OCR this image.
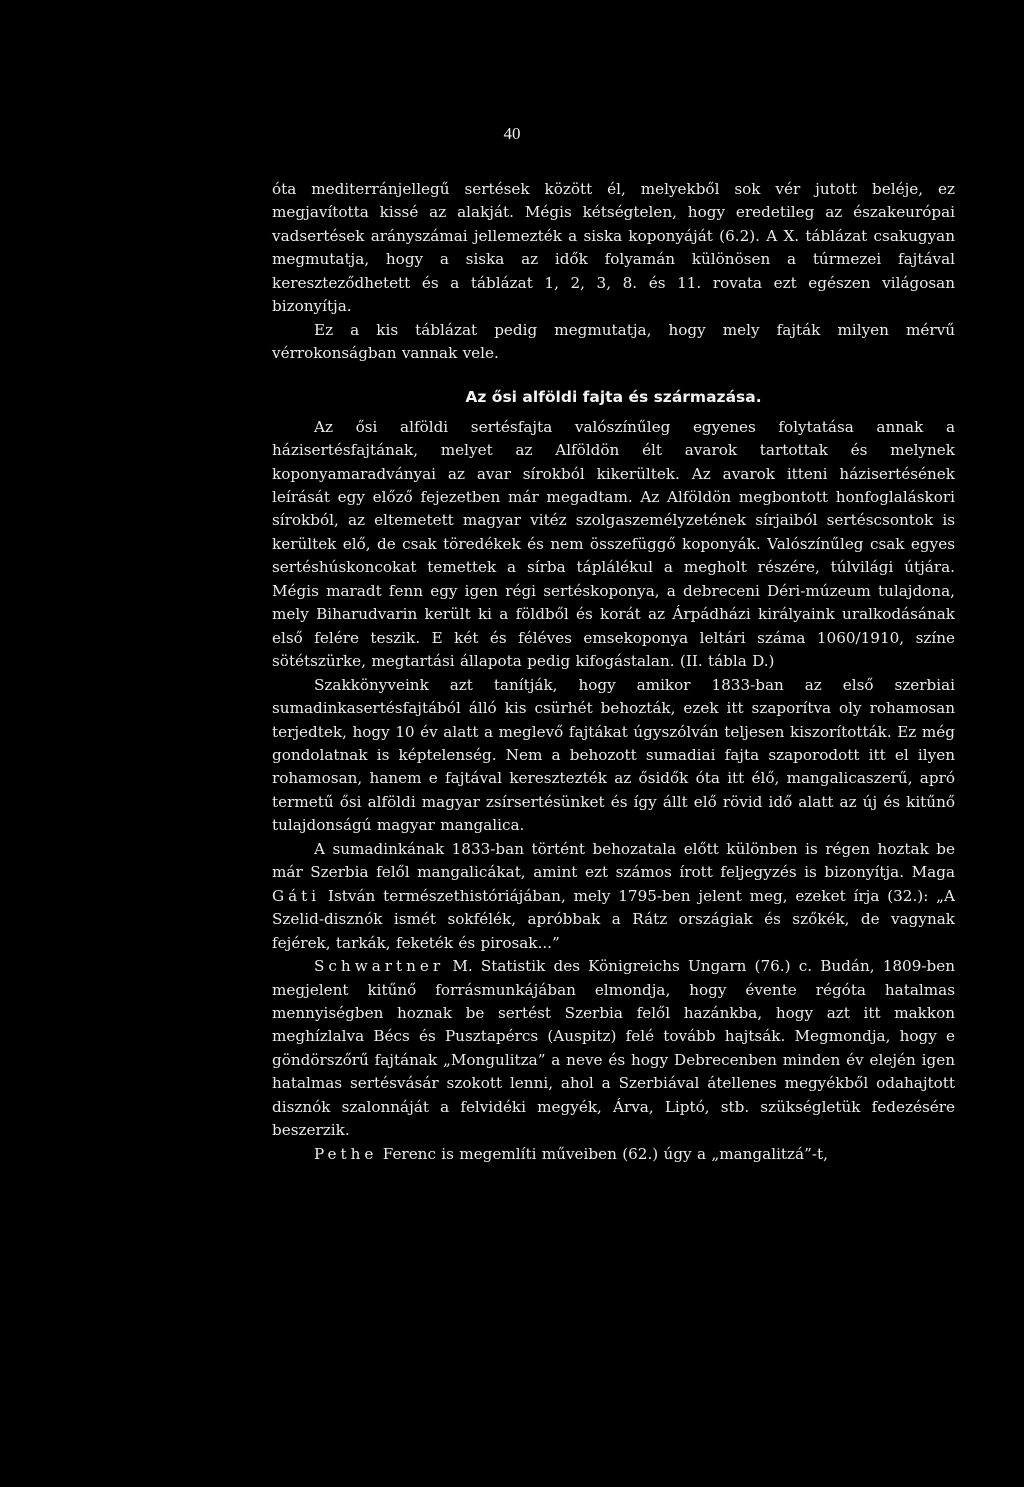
40

óta mediterránjellegű sertések között él, melyekből sok vér jutott beléje, ez megjavította kissé az alakját. Mégis kétségtelen, hogy eredetileg az északeurópai vadsertések arányszámai jellemezték a siska koponyáját (6.2). A X. táblázat csakugyan megmutatja, hogy a siska az idők folyamán különösen a túrmezei fajtával kereszteződhetett és a táblázat 1, 2, 3, 8. és 11. rovata ezt egészen világosan bizonyítja.

Ez a kis táblázat pedig megmutatja, hogy mely fajták milyen mérvű vérrokonságban vannak vele.

Az ősi alföldi fajta és származása.

Az ősi alföldi sertésfajta valószínűleg egyenes folytatása annak a házisertésfajtának, melyet az Alföldön élt avarok tartottak és melynek koponyamaradványai az avar sírokból kikerültek. Az avarok itteni házisertésének leírását egy előző fejezetben már megadtam. Az Alföldön megbontott honfoglaláskori sírokból, az eltemetett magyar vitéz szolgaszemélyzetének sírjaiból sertéscsontok is kerültek elő, de csak töredékek és nem összefüggő koponyák. Valószínűleg csak egyes sertéshúskoncokat temettek a sírba táplálékul a megholt részére, túlvilági útjára. Mégis maradt fenn egy igen régi sertéskoponya, a debreceni Déri-múzeum tulajdona, mely Biharudvarin került ki a földből és korát az Árpádházi királyaink uralkodásának első felére teszik. E két és féléves emsekoponya leltári száma 1060/1910, színe sötétszürke, megtartási állapota pedig kifogástalan. (II. tábla D.)

Szakkönyveink azt tanítják, hogy amikor 1833-ban az első szerbiai sumadinkasertésfajtából álló kis csürhét behozták, ezek itt szaporítva oly rohamosan terjedtek, hogy 10 év alatt a meglevő fajtákat úgyszólván teljesen kiszorították. Ez még gondolatnak is képtelenség. Nem a behozott sumadiai fajta szaporodott itt el ilyen rohamosan, hanem e fajtával keresztezték az ősidők óta itt élő, mangalicaszerű, apró termetű ősi alföldi magyar zsírsertésünket és így állt elő rövid idő alatt az új és kitűnő tulajdonságú magyar mangalica.

A sumadinkának 1833-ban történt behozatala előtt különben is régen hoztak be már Szerbia felől mangalicákat, amint ezt számos írott feljegyzés is bizonyítja. Maga Gáti István természethistóriájában, mely 1795-ben jelent meg, ezeket írja (32.): „A Szelid-disznók ismét sokfélék, apróbbak a Rátz országiak és szőkék, de vagynak fejérek, tarkák, feketék és pirosak...”

Schwartner M. Statistik des Königreichs Ungarn (76.) c. Budán, 1809-ben megjelent kitűnő forrásmunkájában elmondja, hogy évente régóta hatalmas mennyiségben hoznak be sertést Szerbia felől hazánkba, hogy azt itt makkon meghízlalva Bécs és Pusztapércs (Auspitz) felé tovább hajtsák. Megmondja, hogy e göndörszőrű fajtának „Mongulitza” a neve és hogy Debrecenben minden év elején igen hatalmas sertésvásár szokott lenni, ahol a Szerbiával átellenes megyékből odahajtott disznók szalonnáját a felvidéki megyék, Árva, Liptó, stb. szükségletük fedezésére beszerzik.

Pethe Ferenc is megemlíti műveiben (62.) úgy a „mangalitzá”-t,
